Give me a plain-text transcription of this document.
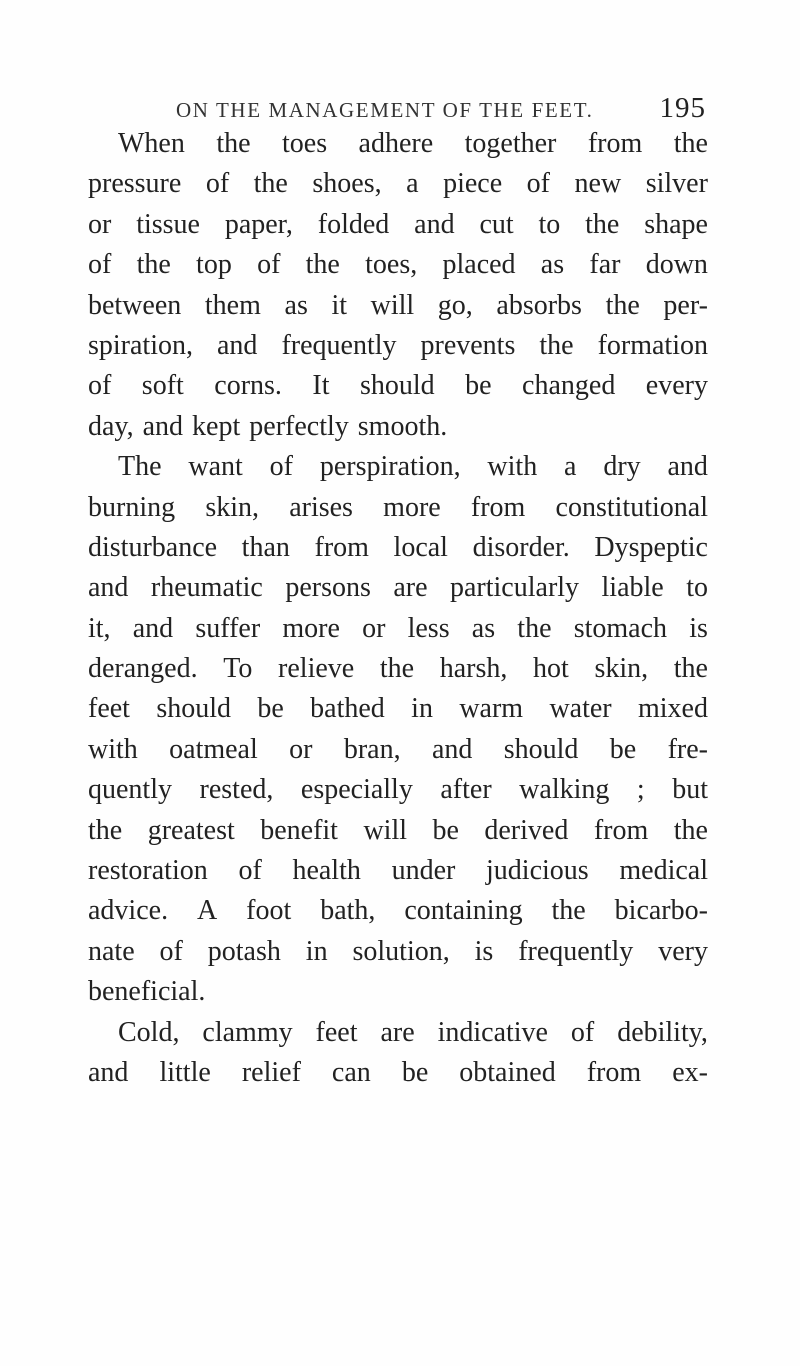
ON THE MANAGEMENT OF THE FEET. 195
When the toes adhere together from the
pressure of the shoes, a piece of new silver
or tissue paper, folded and cut to the shape
of the top of the toes, placed as far down
between them as it will go, absorbs the per-
spiration, and frequently prevents the formation
of soft corns. It should be changed every
day, and kept perfectly smooth.
The want of perspiration, with a dry and
burning skin, arises more from constitutional
disturbance than from local disorder. Dyspeptic
and rheumatic persons are particularly liable to
it, and suffer more or less as the stomach is
deranged. To relieve the harsh, hot skin, the
feet should be bathed in warm water mixed
with oatmeal or bran, and should be fre-
quently rested, especially after walking ; but
the greatest benefit will be derived from the
restoration of health under judicious medical
advice. A foot bath, containing the bicarbo-
nate of potash in solution, is frequently very
beneficial.
Cold, clammy feet are indicative of debility,
and little relief can be obtained from ex-
